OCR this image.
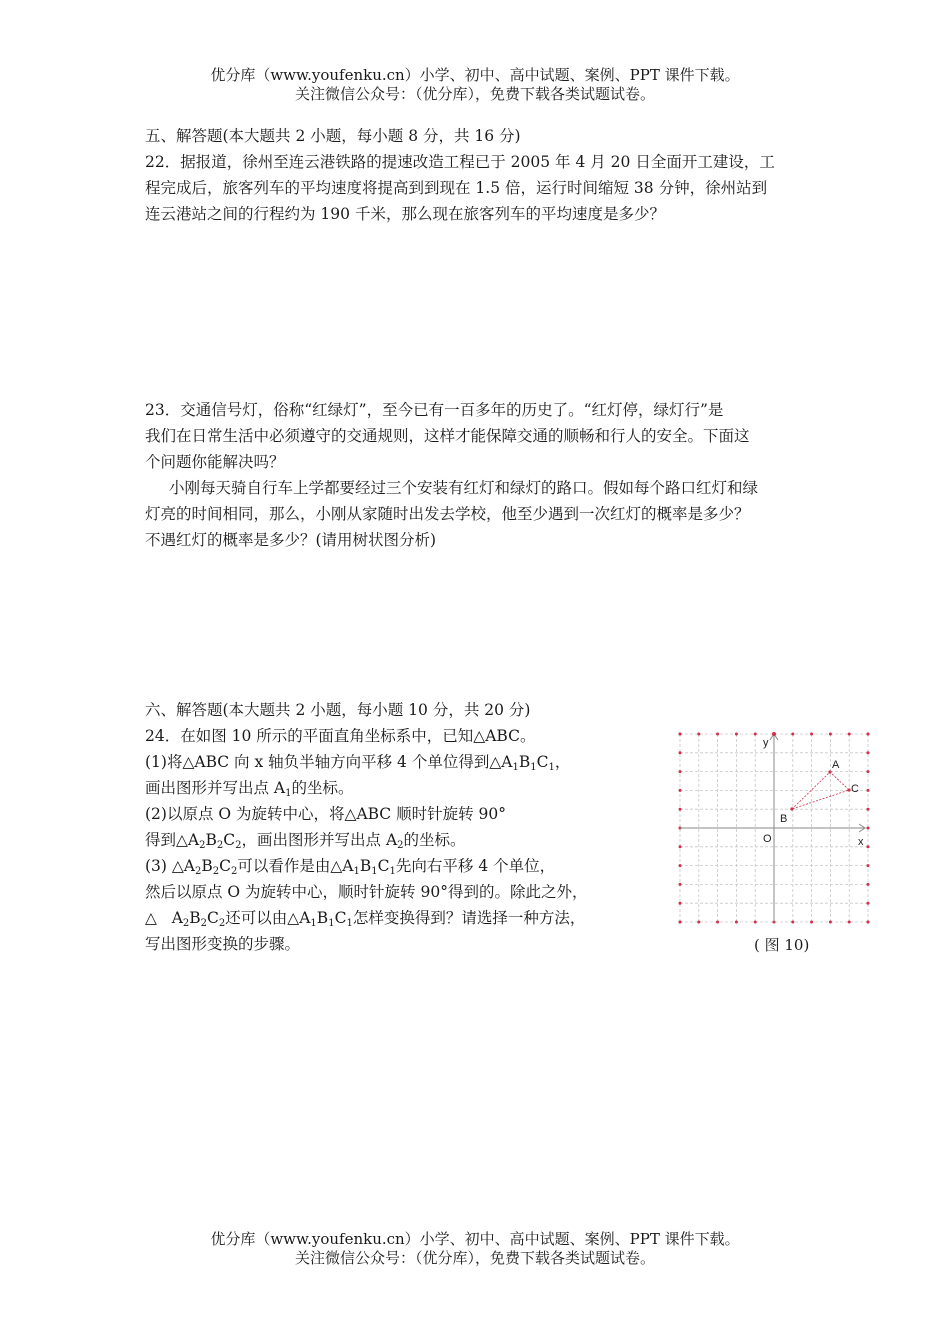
优分库（www.youfenku.cn）小学、初中、高中试题、案例、PPT 课件下载。
关注微信公众号：（优分库），免费下载各类试题试卷。
五、解答题(本大题共 2 小题，每小题 8 分，共 16 分)
22．据报道，徐州至连云港铁路的提速改造工程已于 2005 年 4 月 20 日全面开工建设，工
程完成后，旅客列车的平均速度将提高到到现在 1.5 倍，运行时间缩短 38 分钟，徐州站到
连云港站之间的行程约为 190 千米，那么现在旅客列车的平均速度是多少？
23．交通信号灯，俗称“红绿灯”，至今已有一百多年的历史了。“红灯停，绿灯行”是
我们在日常生活中必须遵守的交通规则，这样才能保障交通的顺畅和行人的安全。下面这
个问题你能解决吗？
小刚每天骑自行车上学都要经过三个安装有红灯和绿灯的路口。假如每个路口红灯和绿
灯亮的时间相同，那么，小刚从家随时出发去学校，他至少遇到一次红灯的概率是多少？
不遇红灯的概率是多少？(请用树状图分析)
六、解答题(本大题共 2 小题，每小题 10 分，共 20 分)
24．在如图 10 所示的平面直角坐标系中，已知△ABC。
(1)将△ABC 向 x 轴负半轴方向平移 4 个单位得到$\triangle A_1B_1C_1$，
画出图形并写出点 $A_1$的坐标。
(2)以原点 O 为旋转中心，将△ABC 顺时针旋转 90°
得到$\triangle A_2B_2C_2$，画出图形并写出点 $A_2$的坐标。
(3) $\triangle A_2B_2C_2$可以看作是由$\triangle A_1B_1C_1$先向右平移 4 个单位，
然后以原点 O 为旋转中心，顺时针旋转 90°得到的。除此之外，
△   $A_2B_2C_2$还可以由$\triangle A_1B_1C_1$怎样变换得到？请选择一种方法，
写出图形变换的步骤。
y
x
O
A
B
C
( 图 10)
优分库（www.youfenku.cn）小学、初中、高中试题、案例、PPT 课件下载。
关注微信公众号：（优分库），免费下载各类试题试卷。
